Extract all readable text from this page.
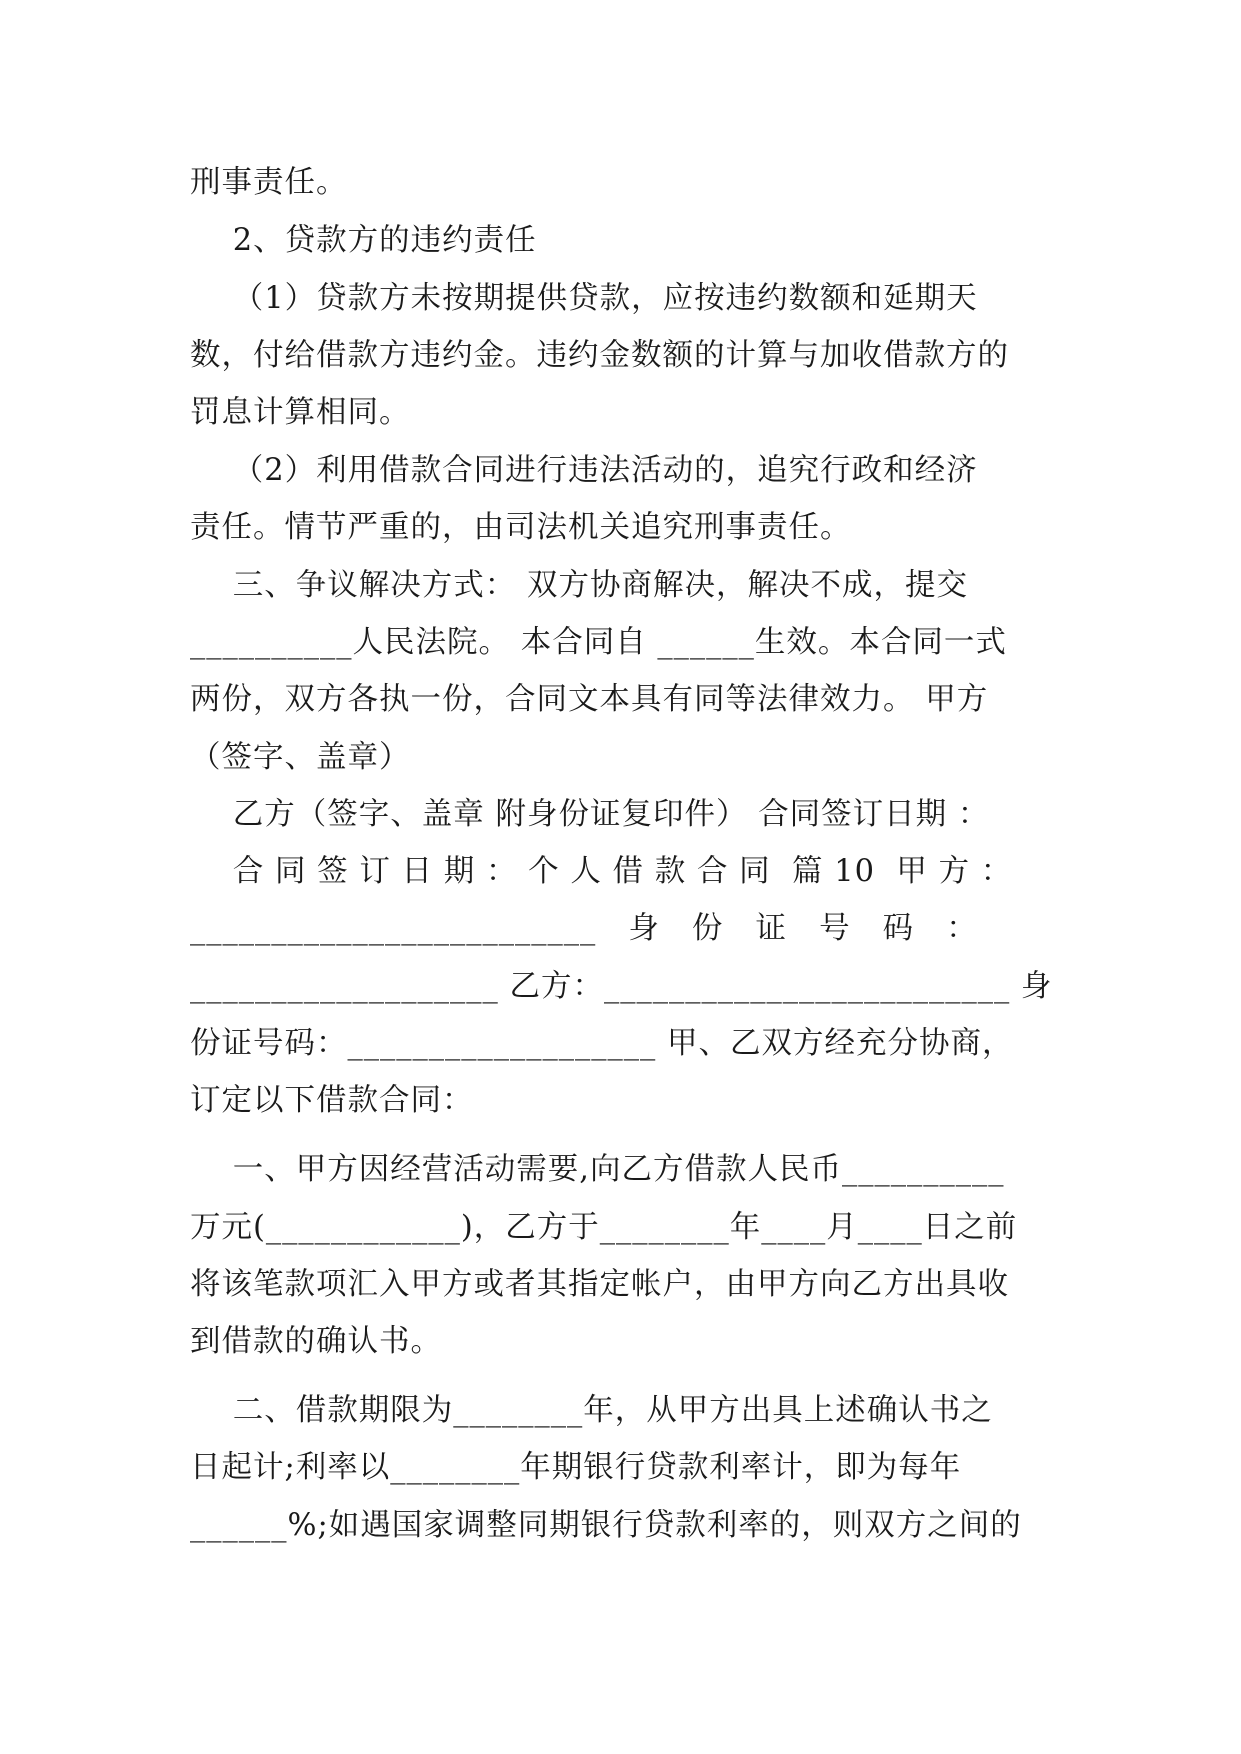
刑事责任。
2、贷款方的违约责任
（1）贷款方未按期提供贷款，应按违约数额和延期天
数，付给借款方违约金。违约金数额的计算与加收借款方的
罚息计算相同。
（2）利用借款合同进行违法活动的，追究行政和经济
责任。情节严重的，由司法机关追究刑事责任。
三、争议解决方式： 双方协商解决，解决不成，提交
__________人民法院。 本合同自 ______生效。本合同一式
两份，双方各执一份，合同文本具有同等法律效力。 甲方
（签字、盖章）
乙方（签字、盖章 附身份证复印件） 合同签订日期 ：
合 同 签 订 日 期 ： 个 人 借 款 合 同  篇 10  甲 方 ：
_________________________   身   份   证   号   码   ：
___________________ 乙方：_________________________ 身
份证号码：___________________ 甲、乙双方经充分协商，
订定以下借款合同：
一、甲方因经营活动需要,向乙方借款人民币__________
万元(____________)，乙方于________年____月____日之前
将该笔款项汇入甲方或者其指定帐户，由甲方向乙方出具收
到借款的确认书。
二、借款期限为________年，从甲方出具上述确认书之
日起计;利率以________年期银行贷款利率计，即为每年
______%;如遇国家调整同期银行贷款利率的，则双方之间的
